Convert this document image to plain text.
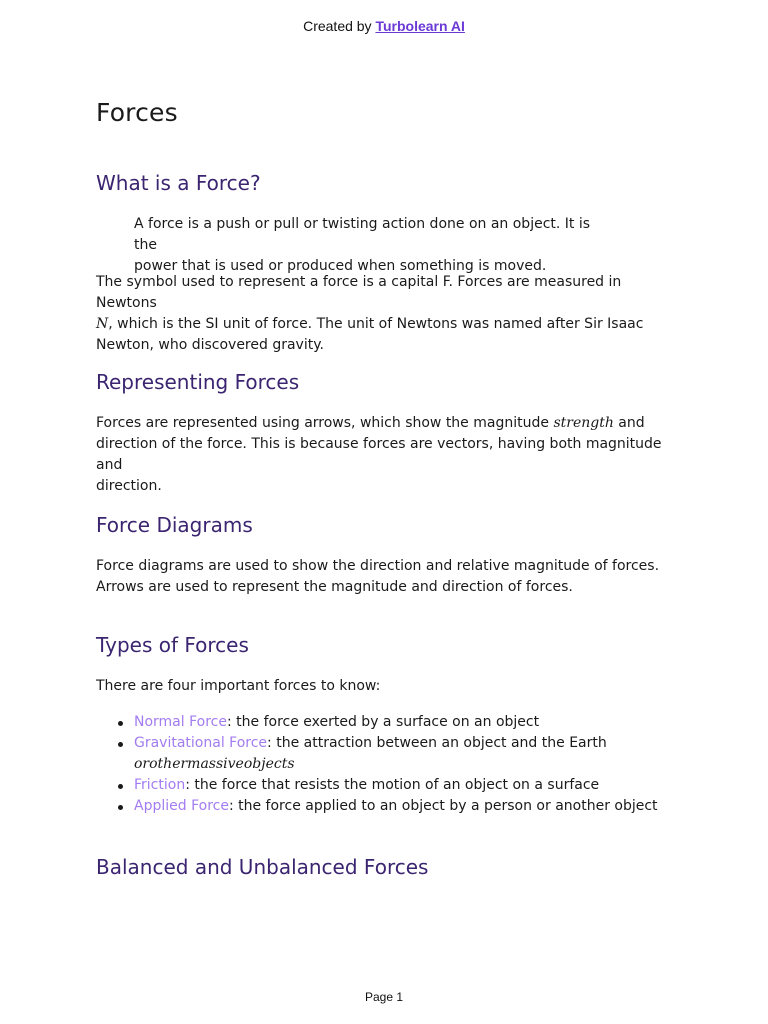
Created by Turbolearn AI
Forces
What is a Force?

A force is a push or pull or twisting action done on an object. It is the
power that is used or produced when something is moved.

The symbol used to represent a force is a capital F. Forces are measured in Newtons
N, which is the SI unit of force. The unit of Newtons was named after Sir Isaac
Newton, who discovered gravity.

Representing Forces

Forces are represented using arrows, which show the magnitude strength and
direction of the force. This is because forces are vectors, having both magnitude and
direction.

Force Diagrams

Force diagrams are used to show the direction and relative magnitude of forces.
Arrows are used to represent the magnitude and direction of forces.

Types of Forces

There are four important forces to know:

Normal Force: the force exerted by a surface on an object
Gravitational Force: the attraction between an object and the Earth
orothermassiveobjects
Friction: the force that resists the motion of an object on a surface
Applied Force: the force applied to an object by a person or another object
Balanced and Unbalanced Forces
Page 1
